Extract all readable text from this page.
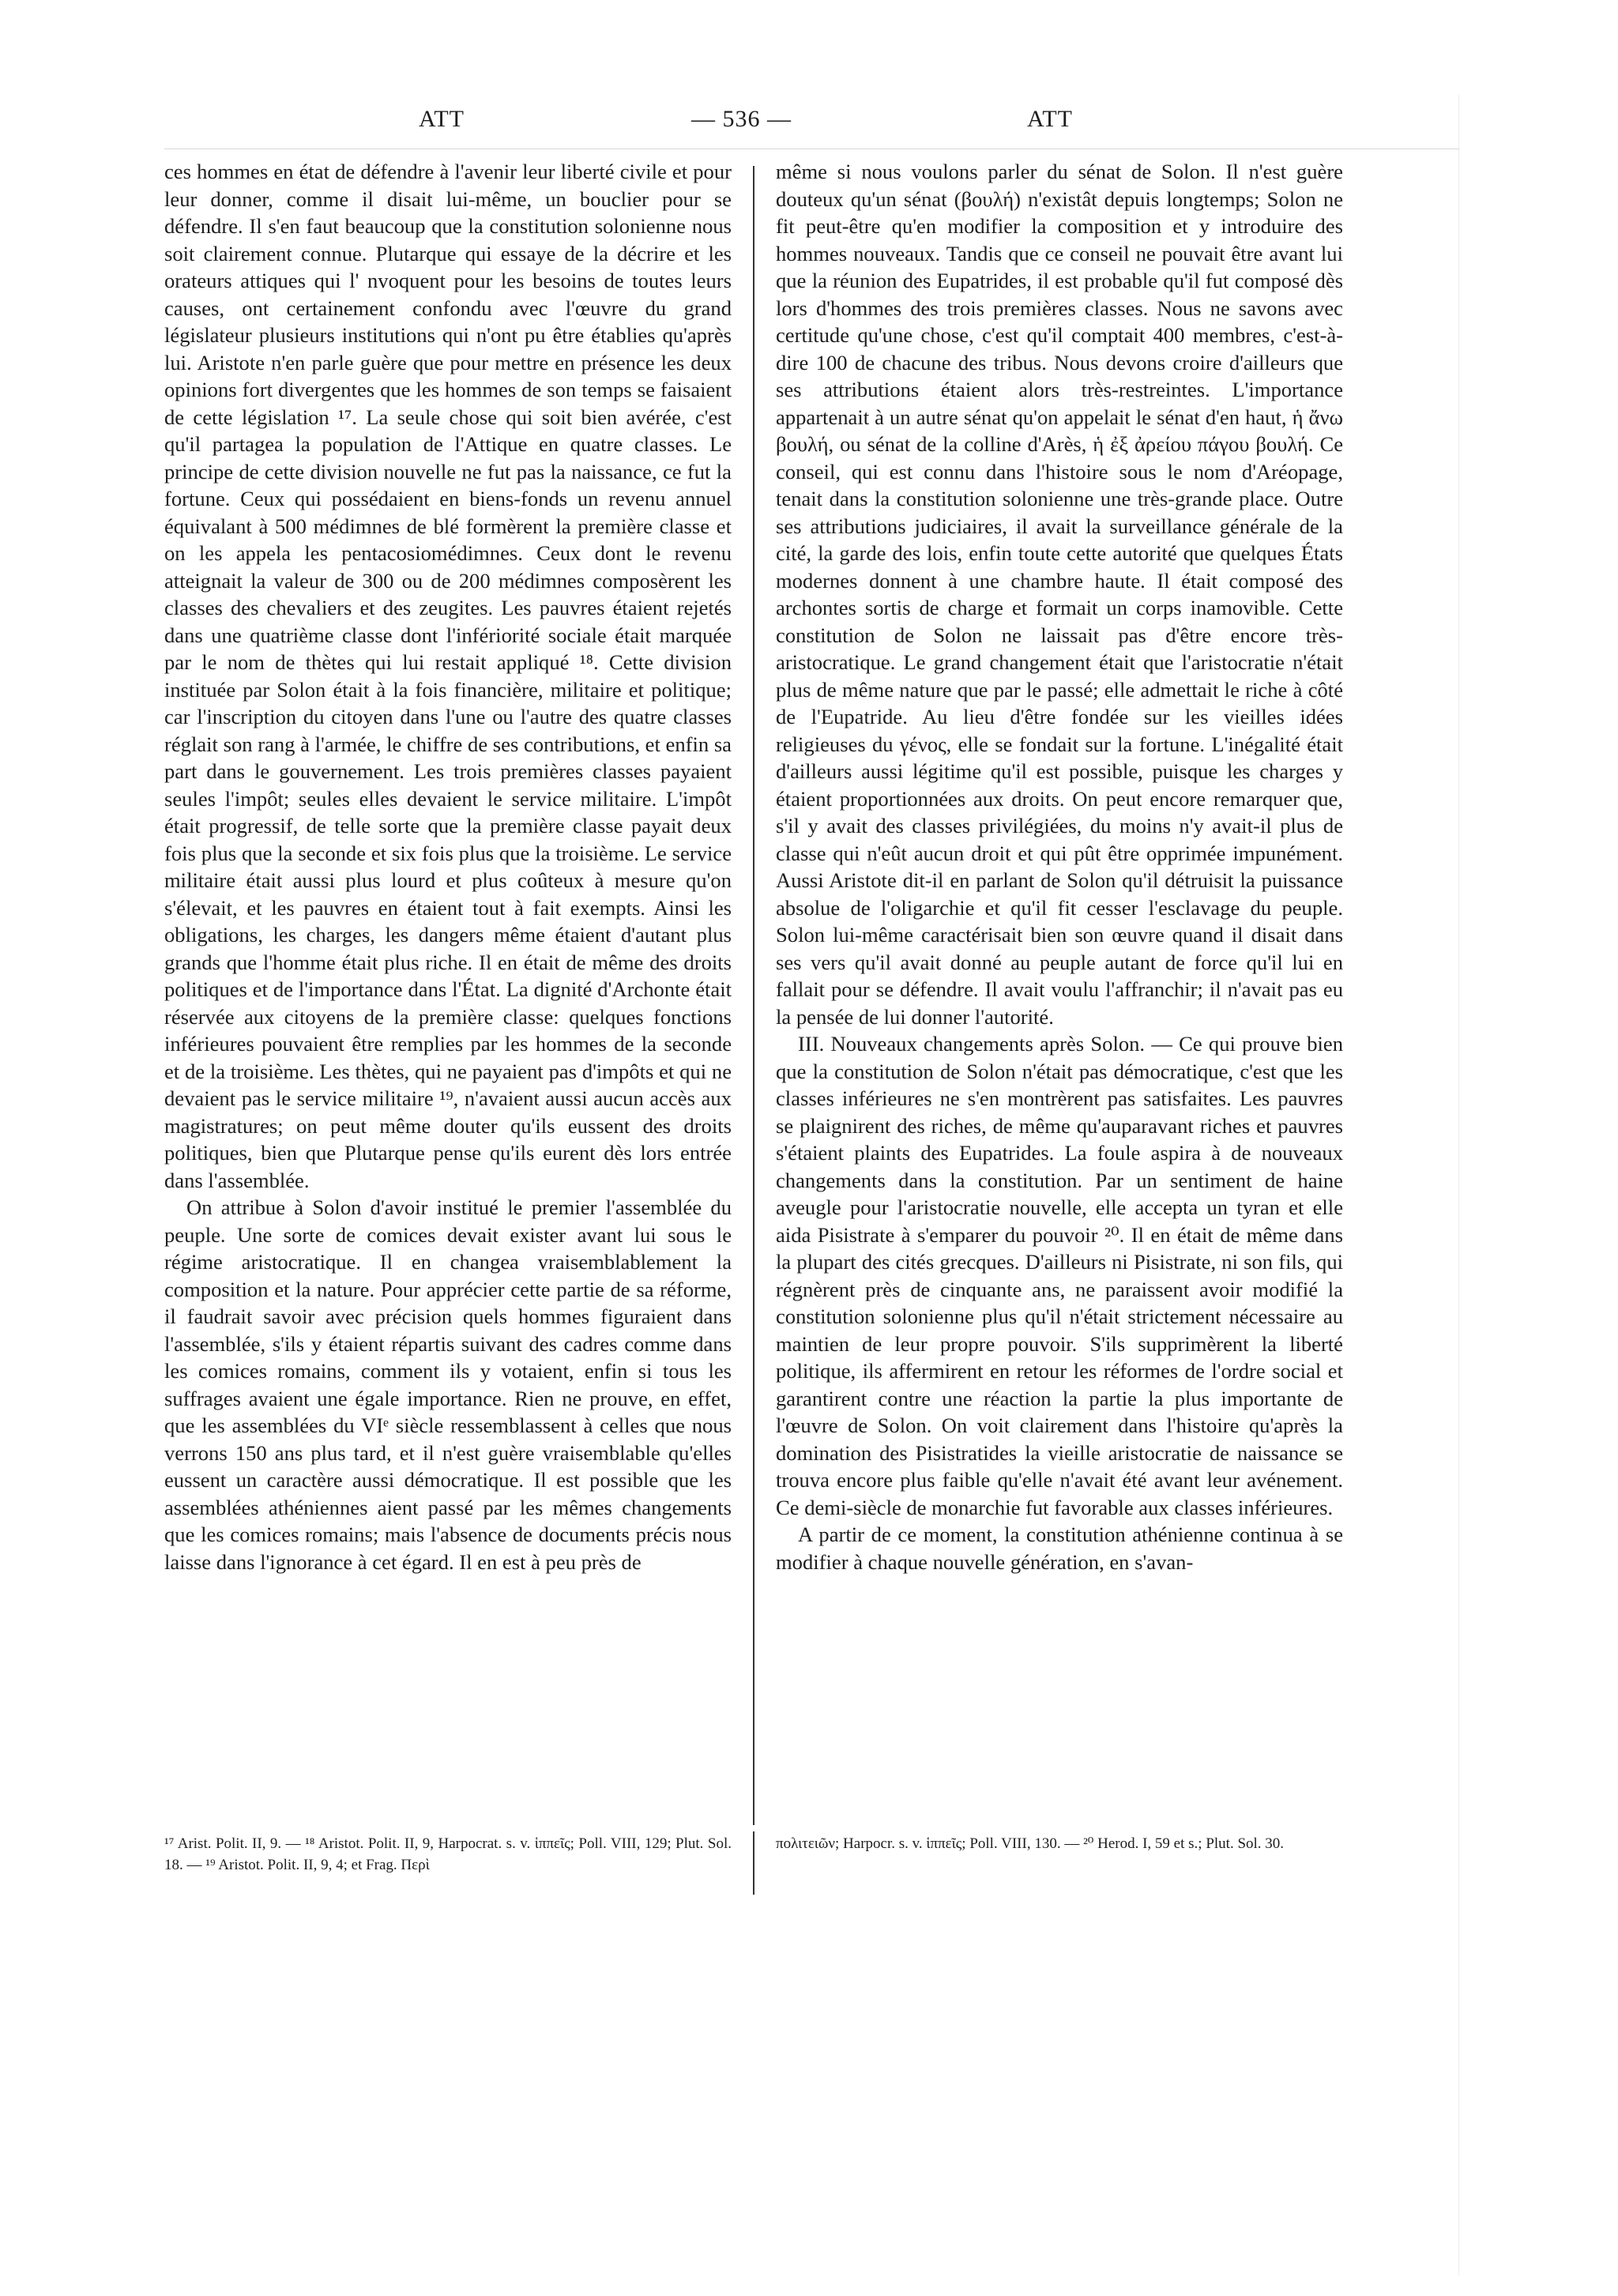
ATT	— 536 —	ATT

ces hommes en état de défendre à l'avenir leur liberté civile et pour leur donner, comme il disait lui-même, un bouclier pour se défendre. Il s'en faut beaucoup que la constitution solonienne nous soit clairement connue. Plutarque qui essaye de la décrire et les orateurs attiques qui l' nvoquent pour les besoins de toutes leurs causes, ont certainement confondu avec l'œuvre du grand législateur plusieurs institutions qui n'ont pu être établies qu'après lui. Aristote n'en parle guère que pour mettre en présence les deux opinions fort divergentes que les hommes de son temps se faisaient de cette législation ¹⁷. La seule chose qui soit bien avérée, c'est qu'il partagea la population de l'Attique en quatre classes. Le principe de cette division nouvelle ne fut pas la naissance, ce fut la fortune. Ceux qui possédaient en biens-fonds un revenu annuel équivalant à 500 médimnes de blé formèrent la première classe et on les appela les pentacosiomédimnes. Ceux dont le revenu atteignait la valeur de 300 ou de 200 médimnes composèrent les classes des chevaliers et des zeugites. Les pauvres étaient rejetés dans une quatrième classe dont l'infériorité sociale était marquée par le nom de thètes qui lui restait appliqué ¹⁸. Cette division instituée par Solon était à la fois financière, militaire et politique; car l'inscription du citoyen dans l'une ou l'autre des quatre classes réglait son rang à l'armée, le chiffre de ses contributions, et enfin sa part dans le gouvernement. Les trois premières classes payaient seules l'impôt; seules elles devaient le service militaire. L'impôt était progressif, de telle sorte que la première classe payait deux fois plus que la seconde et six fois plus que la troisième. Le service militaire était aussi plus lourd et plus coûteux à mesure qu'on s'élevait, et les pauvres en étaient tout à fait exempts. Ainsi les obligations, les charges, les dangers même étaient d'autant plus grands que l'homme était plus riche. Il en était de même des droits politiques et de l'importance dans l'État. La dignité d'Archonte était réservée aux citoyens de la première classe: quelques fonctions inférieures pouvaient être remplies par les hommes de la seconde et de la troisième. Les thètes, qui ne payaient pas d'impôts et qui ne devaient pas le service militaire ¹⁹, n'avaient aussi aucun accès aux magistratures; on peut même douter qu'ils eussent des droits politiques, bien que Plutarque pense qu'ils eurent dès lors entrée dans l'assemblée.

On attribue à Solon d'avoir institué le premier l'assemblée du peuple. Une sorte de comices devait exister avant lui sous le régime aristocratique. Il en changea vraisemblablement la composition et la nature. Pour apprécier cette partie de sa réforme, il faudrait savoir avec précision quels hommes figuraient dans l'assemblée, s'ils y étaient répartis suivant des cadres comme dans les comices romains, comment ils y votaient, enfin si tous les suffrages avaient une égale importance. Rien ne prouve, en effet, que les assemblées du VIᵉ siècle ressemblassent à celles que nous verrons 150 ans plus tard, et il n'est guère vraisemblable qu'elles eussent un caractère aussi démocratique. Il est possible que les assemblées athéniennes aient passé par les mêmes changements que les comices romains; mais l'absence de documents précis nous laisse dans l'ignorance à cet égard. Il en est à peu près de

même si nous voulons parler du sénat de Solon. Il n'est guère douteux qu'un sénat (βουλή) n'existât depuis longtemps; Solon ne fit peut-être qu'en modifier la composition et y introduire des hommes nouveaux. Tandis que ce conseil ne pouvait être avant lui que la réunion des Eupatrides, il est probable qu'il fut composé dès lors d'hommes des trois premières classes. Nous ne savons avec certitude qu'une chose, c'est qu'il comptait 400 membres, c'est-à-dire 100 de chacune des tribus. Nous devons croire d'ailleurs que ses attributions étaient alors très-restreintes. L'importance appartenait à un autre sénat qu'on appelait le sénat d'en haut, ἡ ἄνω βουλή, ou sénat de la colline d'Arès, ἡ ἐξ ἀρείου πάγου βουλή. Ce conseil, qui est connu dans l'histoire sous le nom d'Aréopage, tenait dans la constitution solonienne une très-grande place. Outre ses attributions judiciaires, il avait la surveillance générale de la cité, la garde des lois, enfin toute cette autorité que quelques États modernes donnent à une chambre haute. Il était composé des archontes sortis de charge et formait un corps inamovible. Cette constitution de Solon ne laissait pas d'être encore très-aristocratique. Le grand changement était que l'aristocratie n'était plus de même nature que par le passé; elle admettait le riche à côté de l'Eupatride. Au lieu d'être fondée sur les vieilles idées religieuses du γένος, elle se fondait sur la fortune. L'inégalité était d'ailleurs aussi légitime qu'il est possible, puisque les charges y étaient proportionnées aux droits. On peut encore remarquer que, s'il y avait des classes privilégiées, du moins n'y avait-il plus de classe qui n'eût aucun droit et qui pût être opprimée impunément. Aussi Aristote dit-il en parlant de Solon qu'il détruisit la puissance absolue de l'oligarchie et qu'il fit cesser l'esclavage du peuple. Solon lui-même caractérisait bien son œuvre quand il disait dans ses vers qu'il avait donné au peuple autant de force qu'il lui en fallait pour se défendre. Il avait voulu l'affranchir; il n'avait pas eu la pensée de lui donner l'autorité.

III. Nouveaux changements après Solon. — Ce qui prouve bien que la constitution de Solon n'était pas démocratique, c'est que les classes inférieures ne s'en montrèrent pas satisfaites. Les pauvres se plaignirent des riches, de même qu'auparavant riches et pauvres s'étaient plaints des Eupatrides. La foule aspira à de nouveaux changements dans la constitution. Par un sentiment de haine aveugle pour l'aristocratie nouvelle, elle accepta un tyran et elle aida Pisistrate à s'emparer du pouvoir ²⁰. Il en était de même dans la plupart des cités grecques. D'ailleurs ni Pisistrate, ni son fils, qui régnèrent près de cinquante ans, ne paraissent avoir modifié la constitution solonienne plus qu'il n'était strictement nécessaire au maintien de leur propre pouvoir. S'ils supprimèrent la liberté politique, ils affermirent en retour les réformes de l'ordre social et garantirent contre une réaction la partie la plus importante de l'œuvre de Solon. On voit clairement dans l'histoire qu'après la domination des Pisistratides la vieille aristocratie de naissance se trouva encore plus faible qu'elle n'avait été avant leur avénement. Ce demi-siècle de monarchie fut favorable aux classes inférieures.

A partir de ce moment, la constitution athénienne continua à se modifier à chaque nouvelle génération, en s'avan-

¹⁷ Arist. Polit. II, 9. — ¹⁸ Aristot. Polit. II, 9, Harpocrat. s. v. ἱππεῖς; Poll. VIII, 129; Plut. Sol. 18. — ¹⁹ Aristot. Polit. II, 9, 4; et Frag. Περὶ
πολιτειῶν; Harpocr. s. v. ἱππεῖς; Poll. VIII, 130. — ²⁰ Herod. I, 59 et s.; Plut. Sol. 30.
